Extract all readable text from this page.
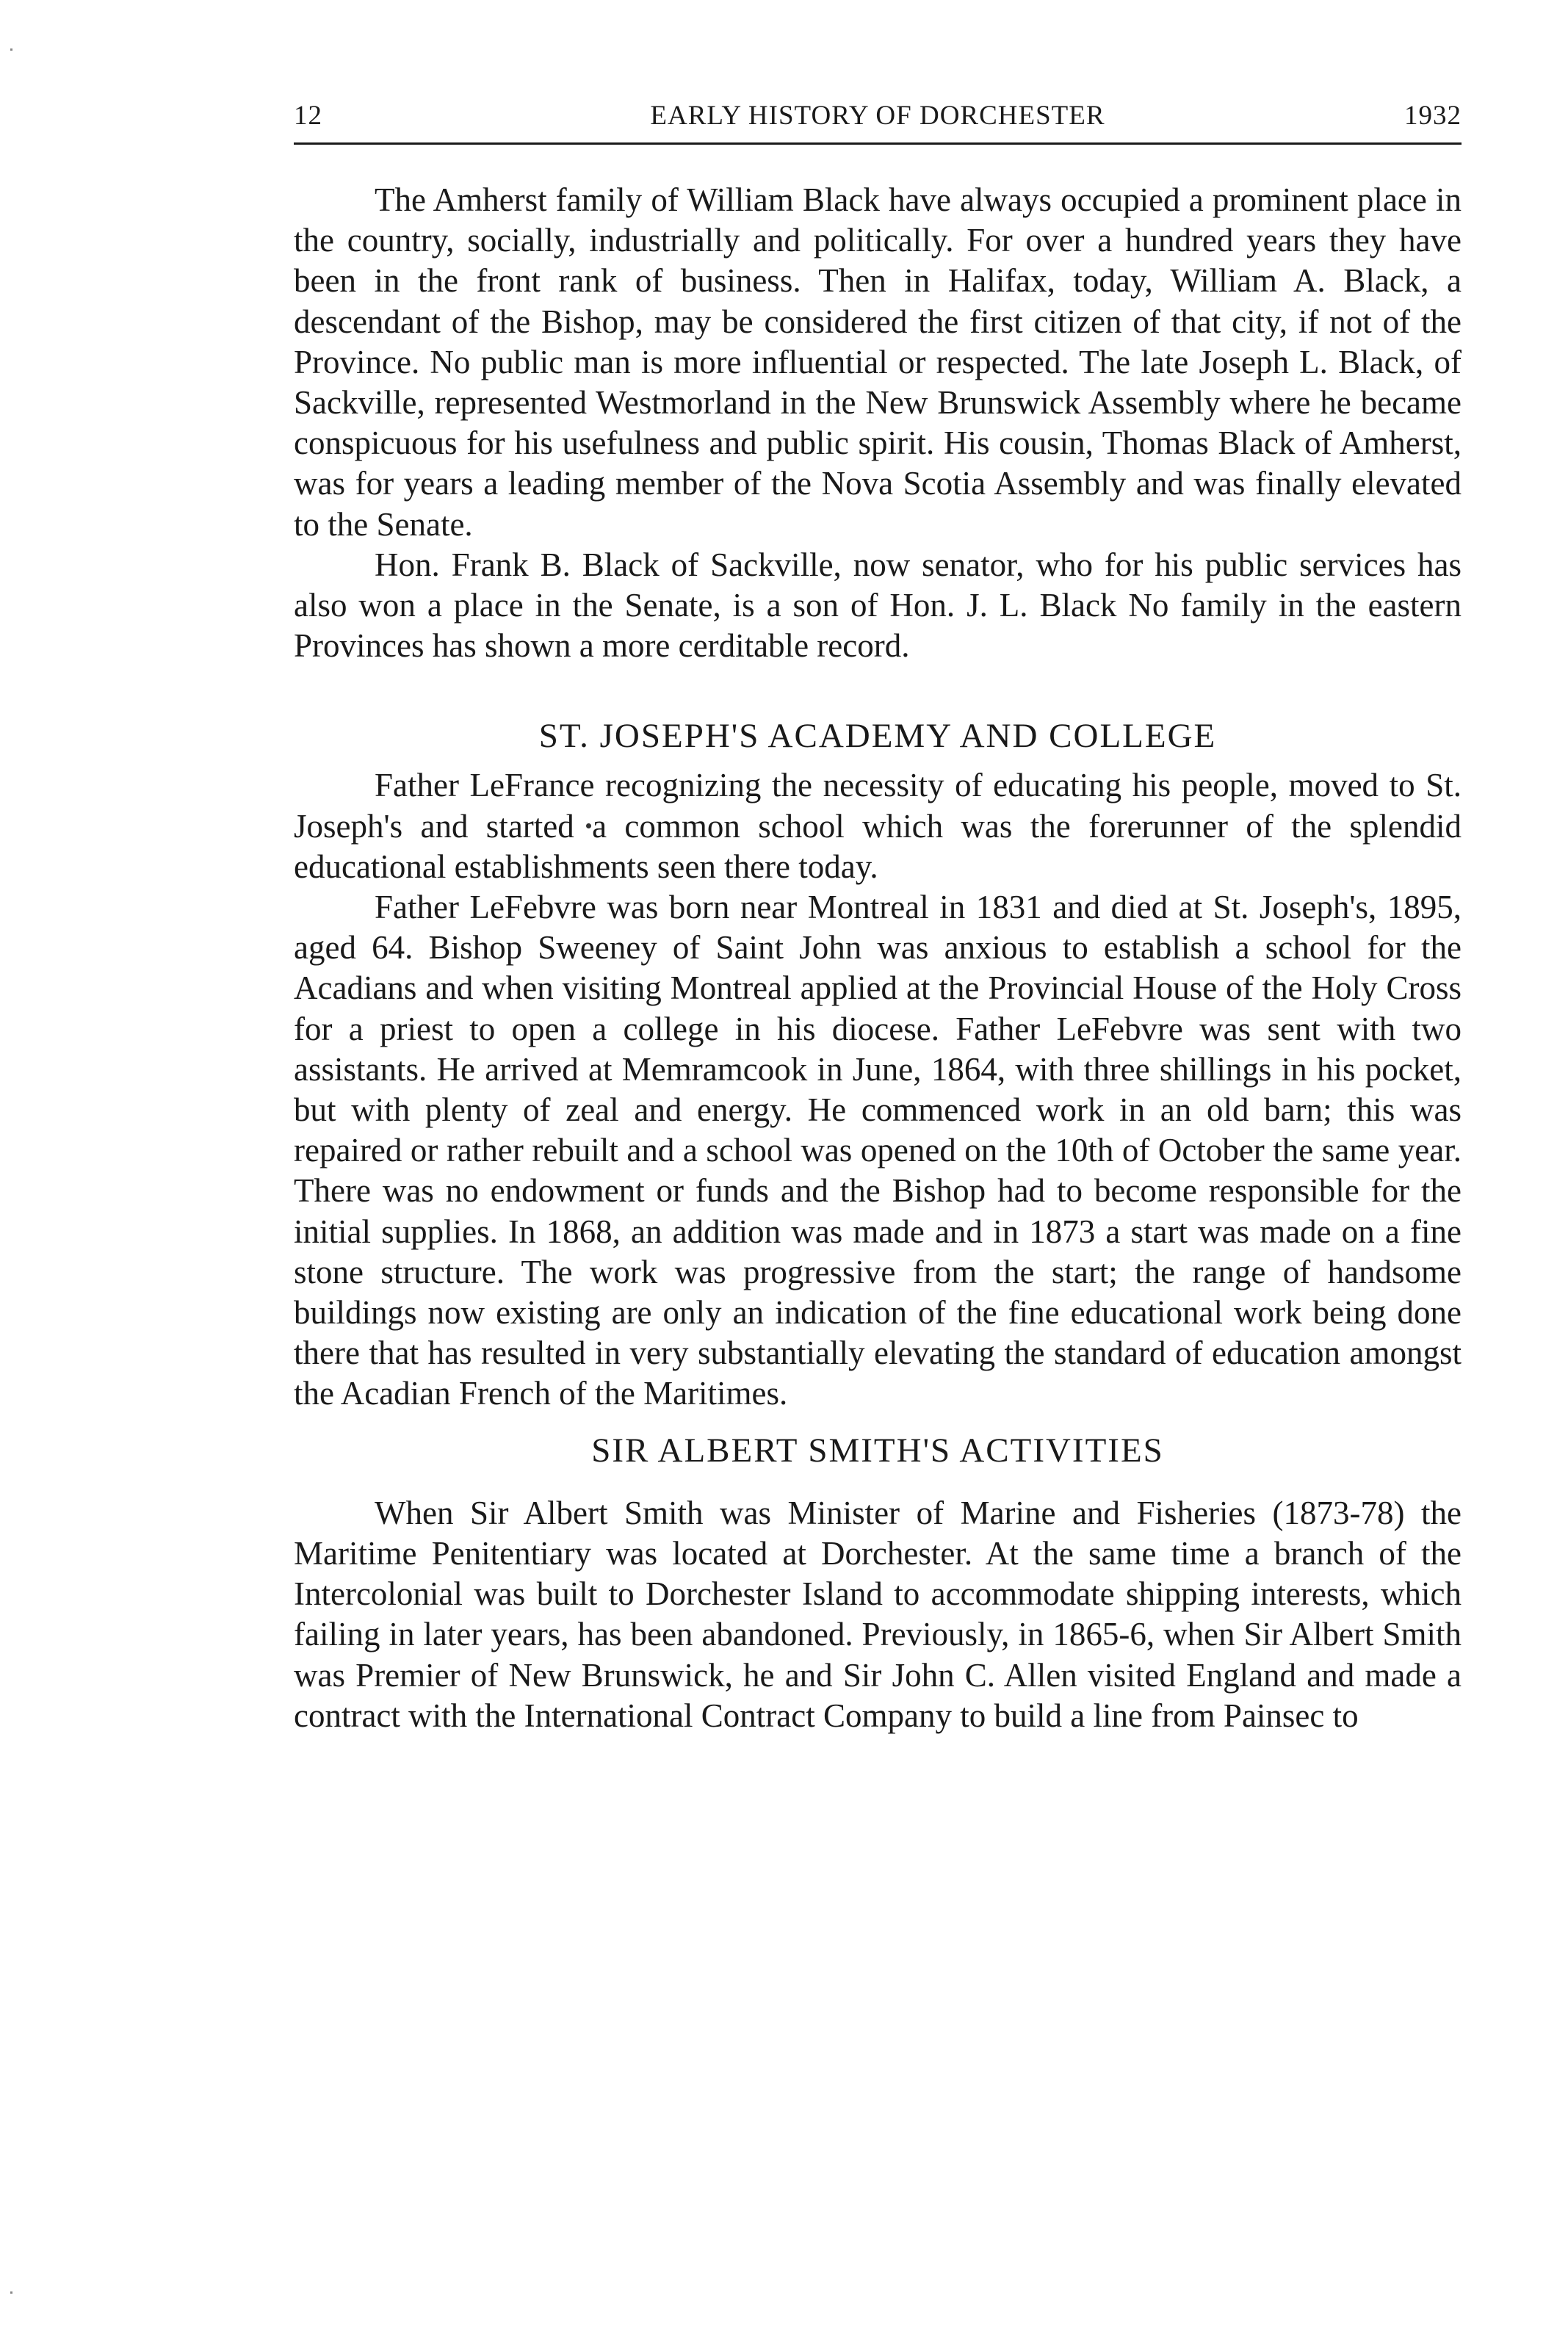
12	EARLY HISTORY OF DORCHESTER	1932

The Amherst family of William Black have always occupied a prominent place in the country, socially, industrially and politically. For over a hundred years they have been in the front rank of business. Then in Halifax, today, William A. Black, a descendant of the Bishop, may be considered the first citizen of that city, if not of the Province. No public man is more influential or respected. The late Joseph L. Black, of Sackville, represented Westmorland in the New Brunswick Assembly where he became conspicuous for his usefulness and public spirit. His cousin, Thomas Black of Amherst, was for years a leading member of the Nova Scotia Assembly and was finally elevated to the Senate.

Hon. Frank B. Black of Sackville, now senator, who for his public services has also won a place in the Senate, is a son of Hon. J. L. Black No family in the eastern Provinces has shown a more cerditable record.

ST. JOSEPH'S ACADEMY AND COLLEGE

Father LeFrance recognizing the necessity of educating his people, moved to St. Joseph's and started a common school which was the forerunner of the splendid educational establishments seen there today.

Father LeFebvre was born near Montreal in 1831 and died at St. Joseph's, 1895, aged 64. Bishop Sweeney of Saint John was anxious to establish a school for the Acadians and when visiting Montreal applied at the Provincial House of the Holy Cross for a priest to open a college in his diocese. Father LeFebvre was sent with two assistants. He arrived at Memramcook in June, 1864, with three shillings in his pocket, but with plenty of zeal and energy. He commenced work in an old barn; this was repaired or rather rebuilt and a school was opened on the 10th of October the same year. There was no endowment or funds and the Bishop had to become responsible for the initial supplies. In 1868, an addition was made and in 1873 a start was made on a fine stone structure. The work was progressive from the start; the range of handsome buildings now existing are only an indication of the fine educational work being done there that has resulted in very substantially elevating the standard of education amongst the Acadian French of the Maritimes.

SIR ALBERT SMITH'S ACTIVITIES

When Sir Albert Smith was Minister of Marine and Fisheries (1873-78) the Maritime Penitentiary was located at Dorchester. At the same time a branch of the Intercolonial was built to Dorchester Island to accommodate shipping interests, which failing in later years, has been abandoned. Previously, in 1865-6, when Sir Albert Smith was Premier of New Brunswick, he and Sir John C. Allen visited England and made a contract with the International Contract Company to build a line from Painsec to
